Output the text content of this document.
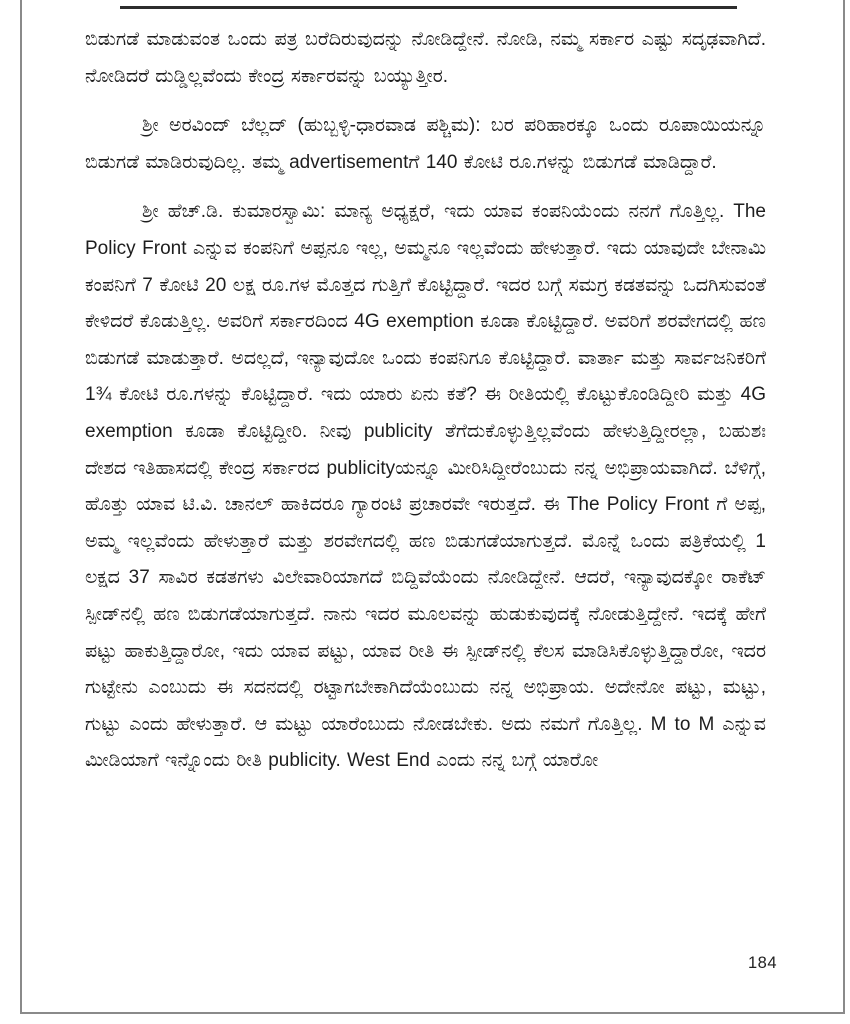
ಬಿಡುಗಡೆ ಮಾಡುವಂತ ಒಂದು ಪತ್ರ ಬರೆದಿರುವುದನ್ನು ನೋಡಿದ್ದೇನೆ. ನೋಡಿ, ನಮ್ಮ ಸರ್ಕಾರ ಎಷ್ಟು ಸದೃಢವಾಗಿದೆ. ನೋಡಿದರೆ ದುಡ್ಡಿಲ್ಲವೆಂದು ಕೇಂದ್ರ ಸರ್ಕಾರವನ್ನು ಬಯ್ಯುತ್ತೀರ.

ಶ್ರೀ ಅರವಿಂದ್ ಬೆಲ್ಲದ್ (ಹುಬ್ಬಳ್ಳಿ-ಧಾರವಾಡ ಪಶ್ಚಿಮ): ಬರ ಪರಿಹಾರಕ್ಕೂ ಒಂದು ರೂಪಾಯಿಯನ್ನೂ ಬಿಡುಗಡೆ ಮಾಡಿರುವುದಿಲ್ಲ. ತಮ್ಮ advertisementಗೆ 140 ಕೋಟಿ ರೂ.ಗಳನ್ನು ಬಿಡುಗಡೆ ಮಾಡಿದ್ದಾರೆ.

ಶ್ರೀ ಹೆಚ್.ಡಿ. ಕುಮಾರಸ್ವಾಮಿ: ಮಾನ್ಯ ಅಧ್ಯಕ್ಷರೆ, ಇದು ಯಾವ ಕಂಪನಿಯೆಂದು ನನಗೆ ಗೊತ್ತಿಲ್ಲ. The Policy Front ಎನ್ನುವ ಕಂಪನಿಗೆ ಅಪ್ಪನೂ ಇಲ್ಲ, ಅಮ್ಮನೂ ಇಲ್ಲವೆಂದು ಹೇಳುತ್ತಾರೆ. ಇದು ಯಾವುದೇ ಬೇನಾಮಿ ಕಂಪನಿಗೆ 7 ಕೋಟಿ 20 ಲಕ್ಷ ರೂ.ಗಳ ಮೊತ್ತದ ಗುತ್ತಿಗೆ ಕೊಟ್ಟಿದ್ದಾರೆ. ಇದರ ಬಗ್ಗೆ ಸಮಗ್ರ ಕಡತವನ್ನು ಒದಗಿಸುವಂತೆ ಕೇಳಿದರೆ ಕೊಡುತ್ತಿಲ್ಲ. ಅವರಿಗೆ ಸರ್ಕಾರದಿಂದ 4G exemption ಕೂಡಾ ಕೊಟ್ಟಿದ್ದಾರೆ. ಅವರಿಗೆ ಶರವೇಗದಲ್ಲಿ ಹಣ ಬಿಡುಗಡೆ ಮಾಡುತ್ತಾರೆ. ಅದಲ್ಲದೆ, ಇನ್ಯಾವುದೋ ಒಂದು ಕಂಪನಿಗೂ ಕೊಟ್ಟಿದ್ದಾರೆ. ವಾರ್ತಾ ಮತ್ತು ಸಾರ್ವಜನಿಕರಿಗೆ 1¾ ಕೋಟಿ ರೂ.ಗಳನ್ನು ಕೊಟ್ಟಿದ್ದಾರೆ. ಇದು ಯಾರು ಏನು ಕತೆ? ಈ ರೀತಿಯಲ್ಲಿ ಕೊಟ್ಟುಕೊಂಡಿದ್ದೀರಿ ಮತ್ತು 4G exemption ಕೂಡಾ ಕೊಟ್ಟಿದ್ದೀರಿ. ನೀವು publicity ತೆಗೆದುಕೊಳ್ಳುತ್ತಿಲ್ಲವೆಂದು ಹೇಳುತ್ತಿದ್ದೀರಲ್ಲಾ, ಬಹುಶಃ ದೇಶದ ಇತಿಹಾಸದಲ್ಲಿ ಕೇಂದ್ರ ಸರ್ಕಾರದ publicityಯನ್ನೂ ಮೀರಿಸಿದ್ದೀರೆಂಬುದು ನನ್ನ ಅಭಿಪ್ರಾಯವಾಗಿದೆ. ಬೆಳಿಗ್ಗೆ, ಹೊತ್ತು ಯಾವ ಟಿ.ವಿ. ಚಾನಲ್ ಹಾಕಿದರೂ ಗ್ಯಾರಂಟಿ ಪ್ರಚಾರವೇ ಇರುತ್ತದೆ. ಈ The Policy Front ಗೆ ಅಪ್ಪ, ಅಮ್ಮ ಇಲ್ಲವೆಂದು ಹೇಳುತ್ತಾರೆ ಮತ್ತು ಶರವೇಗದಲ್ಲಿ ಹಣ ಬಿಡುಗಡೆಯಾಗುತ್ತದೆ. ಮೊನ್ನೆ ಒಂದು ಪತ್ರಿಕೆಯಲ್ಲಿ 1 ಲಕ್ಷದ 37 ಸಾವಿರ ಕಡತಗಳು ವಿಲೇವಾರಿಯಾಗದೆ ಬಿದ್ದಿವೆಯೆಂದು ನೋಡಿದ್ದೇನೆ. ಆದರೆ, ಇನ್ಯಾವುದಕ್ಕೋ ರಾಕೆಟ್ ಸ್ಪೀಡ್‌ನಲ್ಲಿ ಹಣ ಬಿಡುಗಡೆಯಾಗುತ್ತದೆ. ನಾನು ಇದರ ಮೂಲವನ್ನು ಹುಡುಕುವುದಕ್ಕೆ ನೋಡುತ್ತಿದ್ದೇನೆ. ಇದಕ್ಕೆ ಹೇಗೆ ಪಟ್ಟು ಹಾಕುತ್ತಿದ್ದಾರೋ, ಇದು ಯಾವ ಪಟ್ಟು, ಯಾವ ರೀತಿ ಈ ಸ್ಪೀಡ್‌ನಲ್ಲಿ ಕೆಲಸ ಮಾಡಿಸಿಕೊಳ್ಳುತ್ತಿದ್ದಾರೋ, ಇದರ ಗುಟ್ಟೇನು ಎಂಬುದು ಈ ಸದನದಲ್ಲಿ ರಟ್ಟಾಗಬೇಕಾಗಿದೆಯೆಂಬುದು ನನ್ನ ಅಭಿಪ್ರಾಯ. ಅದೇನೋ ಪಟ್ಟು, ಮಟ್ಟು, ಗುಟ್ಟು ಎಂದು ಹೇಳುತ್ತಾರೆ. ಆ ಮಟ್ಟು ಯಾರೆಂಬುದು ನೋಡಬೇಕು. ಅದು ನಮಗೆ ಗೊತ್ತಿಲ್ಲ. M to M ಎನ್ನುವ ಮೀಡಿಯಾಗೆ ಇನ್ನೊಂದು ರೀತಿ publicity. West End ಎಂದು ನನ್ನ ಬಗ್ಗೆ ಯಾರೋ

184
